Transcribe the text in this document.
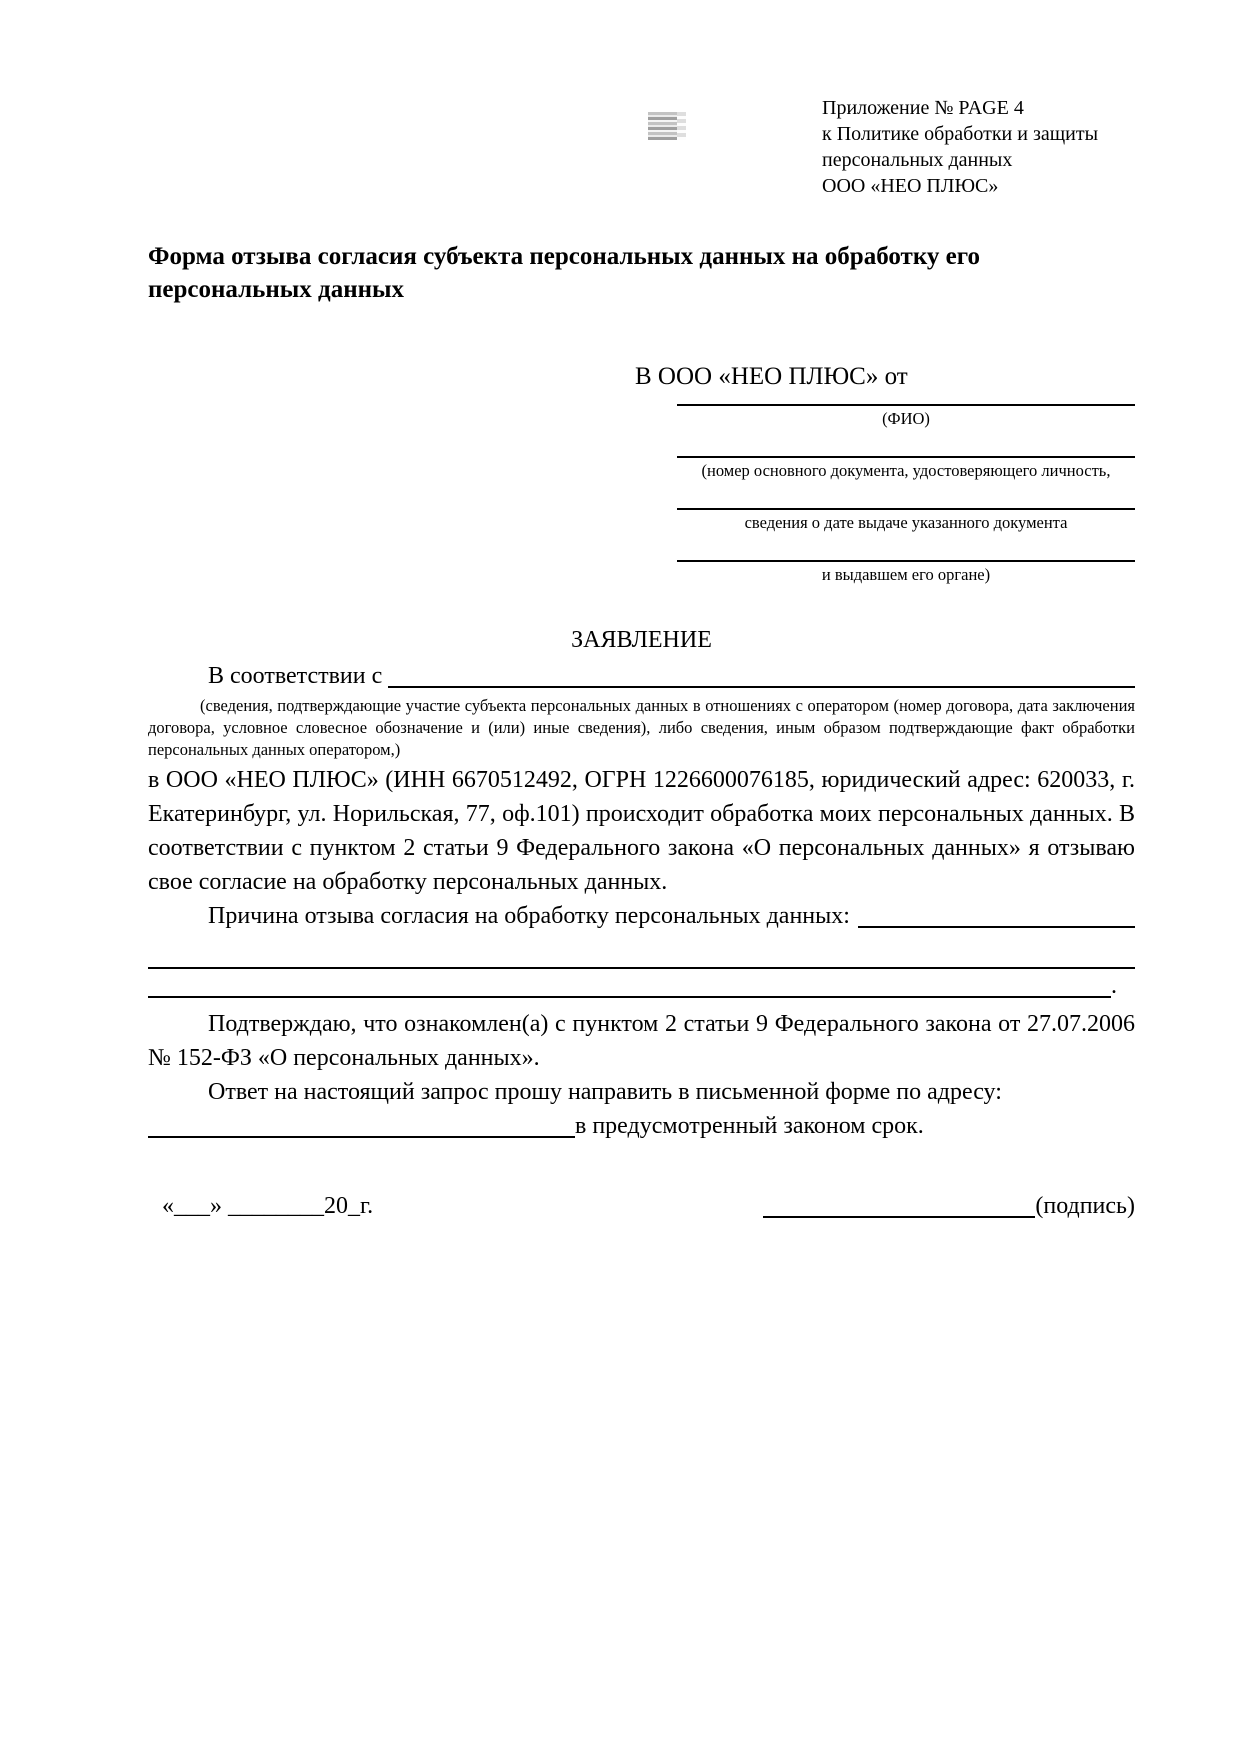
Приложение № PAGE 4
к Политике обработки и защиты
персональных данных
ООО «НЕО ПЛЮС»
Форма отзыва согласия субъекта персональных данных на обработку его персональных данных
В ООО «НЕО ПЛЮС» от
(ФИО)
(номер основного документа, удостоверяющего личность,
сведения о дате выдаче указанного документа
и выдавшем его органе)
ЗАЯВЛЕНИЕ
В соответствии с

(сведения, подтверждающие участие субъекта персональных данных в отношениях с оператором (номер договора, дата заключения договора, условное словесное обозначение и (или) иные сведения), либо сведения, иным образом подтверждающие факт обработки персональных данных оператором,)

в ООО «НЕО ПЛЮС» (ИНН 6670512492, ОГРН 1226600076185, юридический адрес: 620033, г. Екатеринбург, ул. Норильская, 77, оф.101) происходит обработка моих персональных данных. В соответствии с пунктом 2 статьи 9 Федерального закона «О персональных данных» я отзываю свое согласие на обработку персональных данных.

Причина отзыва согласия на обработку персональных данных:
.

Подтверждаю, что ознакомлен(а) с пунктом 2 статьи 9 Федерального закона от 27.07.2006 № 152-ФЗ «О персональных данных».

Ответ на настоящий запрос прошу направить в письменной форме по адресу:

в предусмотренный законом срок.
«___» ________20_г.	(подпись)
